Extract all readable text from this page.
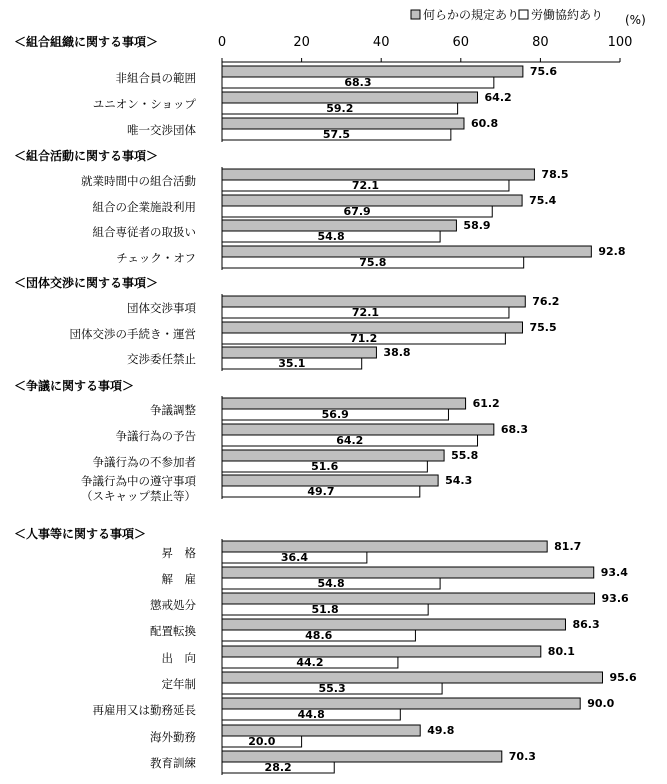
何らかの規定あり 労働協約あり (%)
0	20	40	60	80	100
＜組合組織に関する事項＞
非組合員の範囲	75.6
68.3
ユニオン・ショップ	64.2
59.2
唯一交渉団体	60.8
57.5
＜組合活動に関する事項＞
就業時間中の組合活動	78.5
72.1
組合の企業施設利用	75.4
67.9
組合専従者の取扱い	58.9
54.8
チェック・オフ	92.8
75.8
＜団体交渉に関する事項＞
団体交渉事項	76.2
72.1
団体交渉の手続き・運営	75.5
71.2
交渉委任禁止	38.8
35.1
＜争議に関する事項＞
争議調整	61.2
56.9
争議行為の予告	68.3
64.2
争議行為の不参加者	55.8
51.6
争議行為中の遵守事項
（スキャップ禁止等）
54.3
49.7
＜人事等に関する事項＞
昇　格	81.7
36.4
解　雇	93.4
54.8
懲戒処分	93.6
51.8
配置転換	86.3
48.6
出　向	80.1
44.2
定年制	95.6
55.3
再雇用又は勤務延長	90.0
44.8
海外勤務	49.8
20.0
教育訓練	70.3
28.2
